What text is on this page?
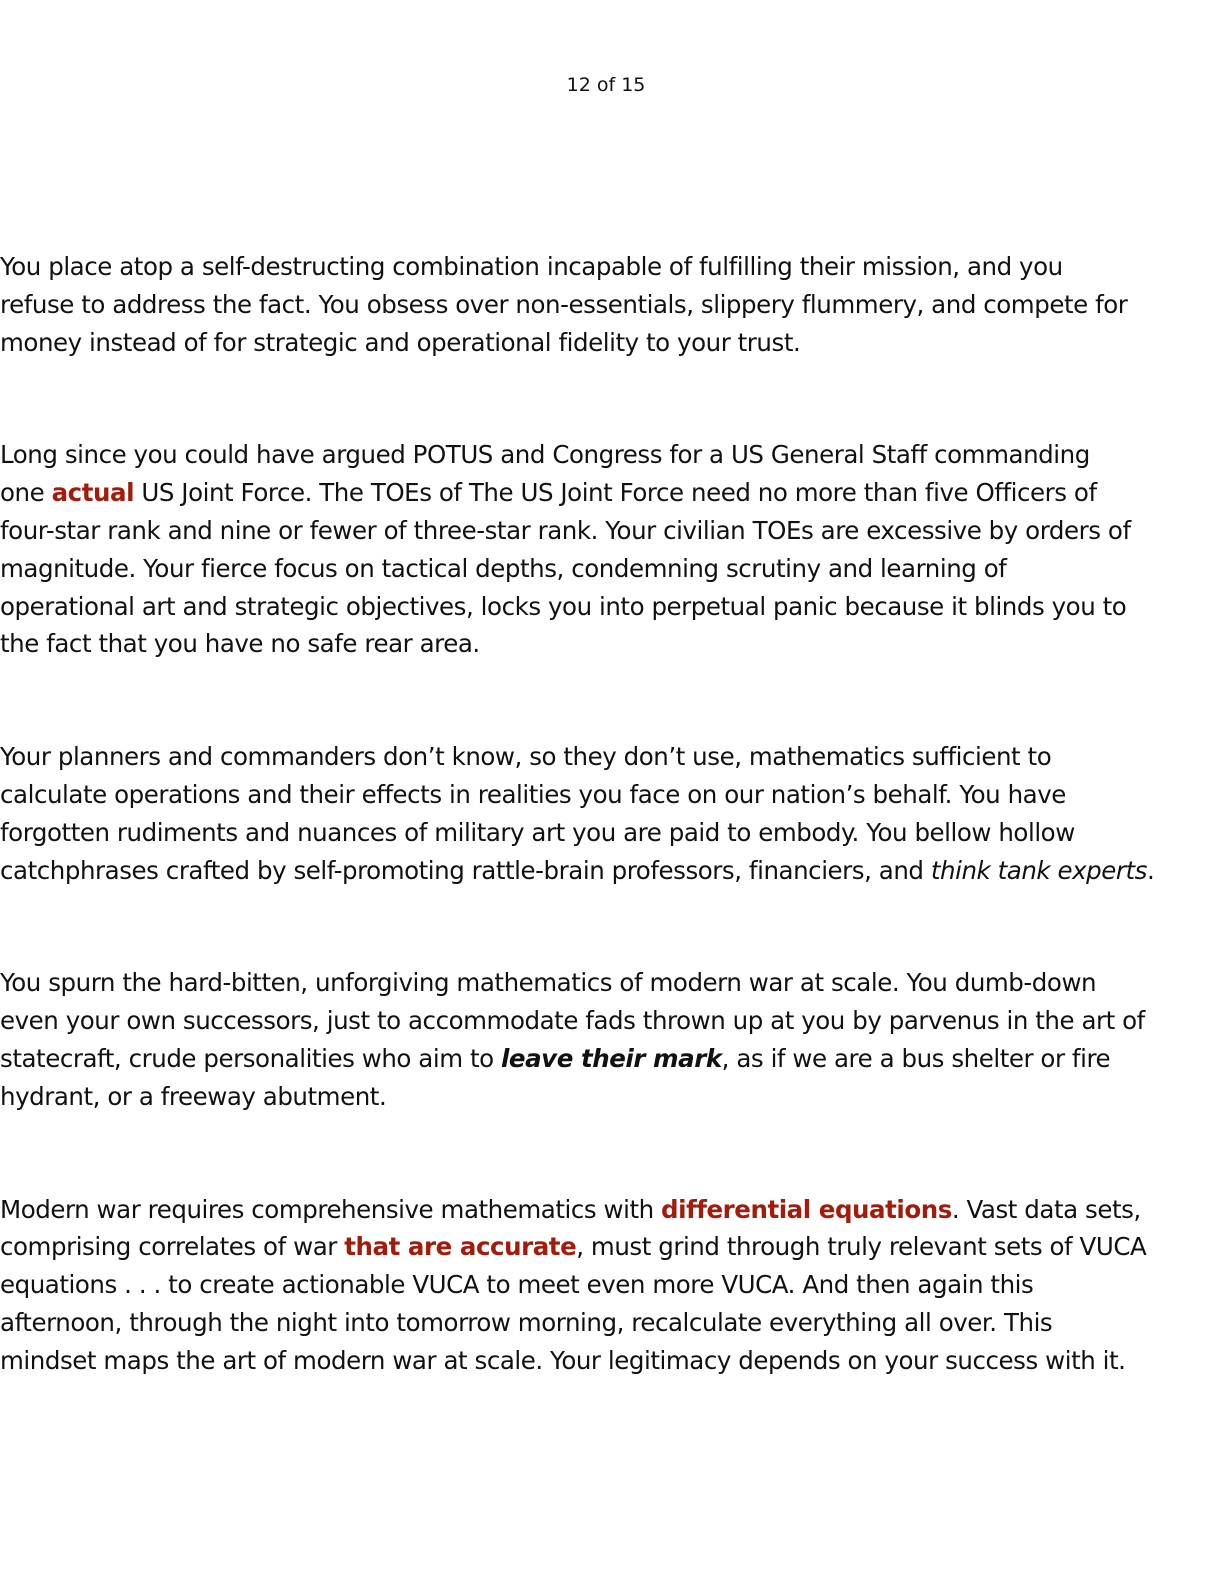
12 of 15

You place atop a self-destructing combination incapable of fulfilling their mission, and you
refuse to address the fact. You obsess over non-essentials, slippery flummery, and compete for
money instead of for strategic and operational fidelity to your trust.

Long since you could have argued POTUS and Congress for a US General Staff commanding
one actual US Joint Force. The TOEs of The US Joint Force need no more than five Officers of
four-star rank and nine or fewer of three-star rank. Your civilian TOEs are excessive by orders of
magnitude. Your fierce focus on tactical depths, condemning scrutiny and learning of
operational art and strategic objectives, locks you into perpetual panic because it blinds you to
the fact that you have no safe rear area.

Your planners and commanders don’t know, so they don’t use, mathematics sufficient to
calculate operations and their effects in realities you face on our nation’s behalf. You have
forgotten rudiments and nuances of military art you are paid to embody. You bellow hollow
catchphrases crafted by self-promoting rattle-brain professors, financiers, and think tank experts.

You spurn the hard-bitten, unforgiving mathematics of modern war at scale. You dumb-down
even your own successors, just to accommodate fads thrown up at you by parvenus in the art of
statecraft, crude personalities who aim to leave their mark, as if we are a bus shelter or fire
hydrant, or a freeway abutment.

Modern war requires comprehensive mathematics with differential equations. Vast data sets,
comprising correlates of war that are accurate, must grind through truly relevant sets of VUCA
equations . . . to create actionable VUCA to meet even more VUCA. And then again this
afternoon, through the night into tomorrow morning, recalculate everything all over. This
mindset maps the art of modern war at scale. Your legitimacy depends on your success with it.
